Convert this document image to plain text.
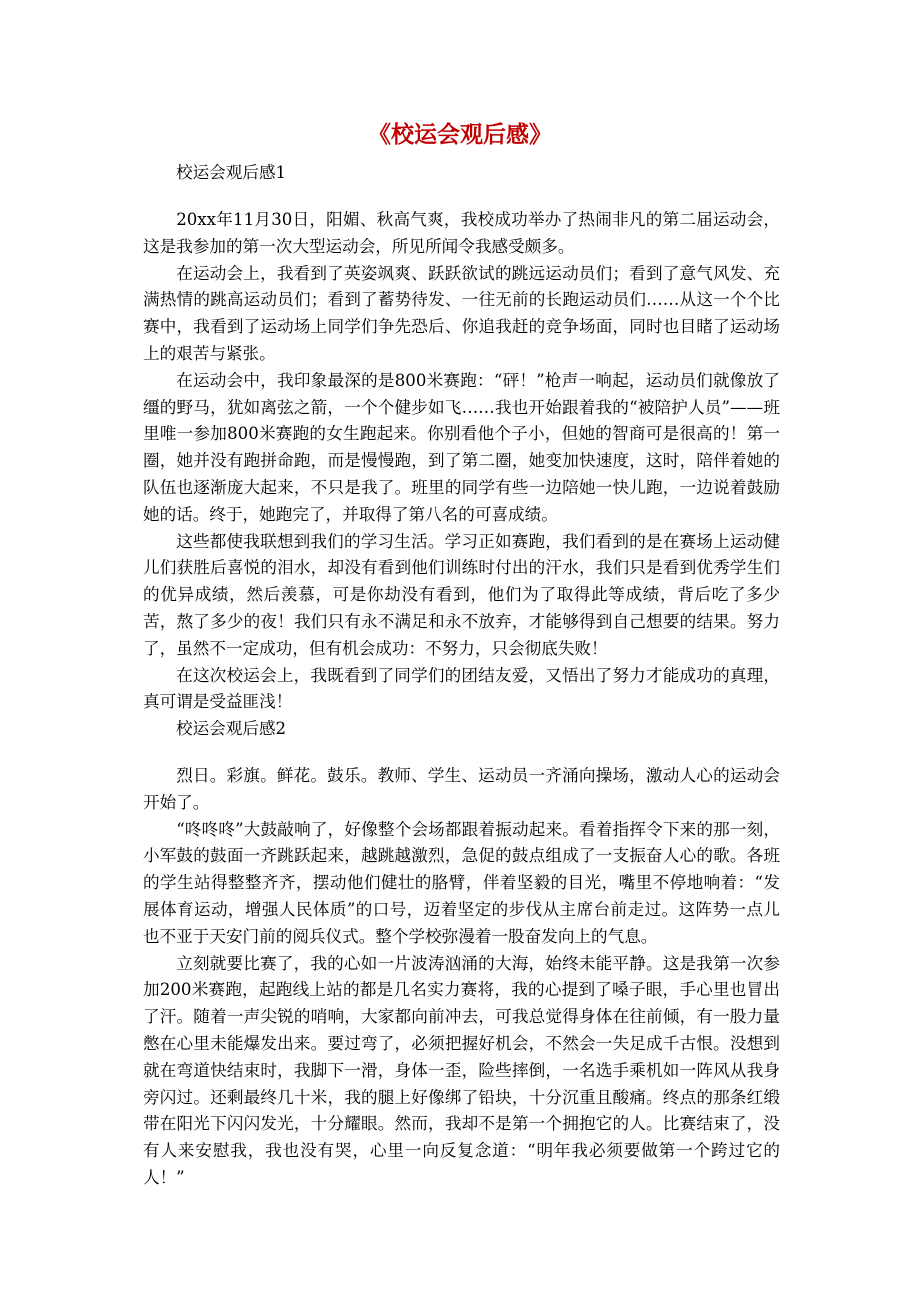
《校运会观后感》
校运会观后感1

20xx年11月30日，阳媚、秋高气爽，我校成功举办了热闹非凡的第二届运动会，这是我参加的第一次大型运动会，所见所闻令我感受颇多。

在运动会上，我看到了英姿飒爽、跃跃欲试的跳远运动员们；看到了意气风发、充满热情的跳高运动员们；看到了蓄势待发、一往无前的长跑运动员们……从这一个个比赛中，我看到了运动场上同学们争先恐后、你追我赶的竞争场面，同时也目睹了运动场上的艰苦与紧张。

在运动会中，我印象最深的是800米赛跑：“砰！”枪声一响起，运动员们就像放了缰的野马，犹如离弦之箭，一个个健步如飞……我也开始跟着我的“被陪护人员”——班里唯一参加800米赛跑的女生跑起来。你别看他个子小，但她的智商可是很高的！第一圈，她并没有跑拼命跑，而是慢慢跑，到了第二圈，她变加快速度，这时，陪伴着她的队伍也逐渐庞大起来，不只是我了。班里的同学有些一边陪她一快儿跑，一边说着鼓励她的话。终于，她跑完了，并取得了第八名的可喜成绩。

这些都使我联想到我们的学习生活。学习正如赛跑，我们看到的是在赛场上运动健儿们获胜后喜悦的泪水，却没有看到他们训练时付出的汗水，我们只是看到优秀学生们的优异成绩，然后羡慕，可是你劫没有看到，他们为了取得此等成绩，背后吃了多少苦，熬了多少的夜！我们只有永不满足和永不放弃，才能够得到自己想要的结果。努力了，虽然不一定成功，但有机会成功：不努力，只会彻底失败！

在这次校运会上，我既看到了同学们的团结友爱，又悟出了努力才能成功的真理，真可谓是受益匪浅！

校运会观后感2

烈日。彩旗。鲜花。鼓乐。教师、学生、运动员一齐涌向操场，激动人心的运动会开始了。

“咚咚咚”大鼓敲响了，好像整个会场都跟着振动起来。看着指挥令下来的那一刻，小军鼓的鼓面一齐跳跃起来，越跳越激烈，急促的鼓点组成了一支振奋人心的歌。各班的学生站得整整齐齐，摆动他们健壮的胳臂，伴着坚毅的目光，嘴里不停地响着：“发展体育运动，增强人民体质”的口号，迈着坚定的步伐从主席台前走过。这阵势一点儿也不亚于天安门前的阅兵仪式。整个学校弥漫着一股奋发向上的气息。

立刻就要比赛了，我的心如一片波涛汹涌的大海，始终未能平静。这是我第一次参加200米赛跑，起跑线上站的都是几名实力赛将，我的心提到了嗓子眼，手心里也冒出了汗。随着一声尖锐的哨响，大家都向前冲去，可我总觉得身体在往前倾，有一股力量憋在心里未能爆发出来。要过弯了，必须把握好机会，不然会一失足成千古恨。没想到就在弯道快结束时，我脚下一滑，身体一歪，险些摔倒，一名选手乘机如一阵风从我身旁闪过。还剩最终几十米，我的腿上好像绑了铅块，十分沉重且酸痛。终点的那条红缎带在阳光下闪闪发光，十分耀眼。然而，我却不是第一个拥抱它的人。比赛结束了，没有人来安慰我，我也没有哭，心里一向反复念道：“明年我必须要做第一个跨过它的人！”
